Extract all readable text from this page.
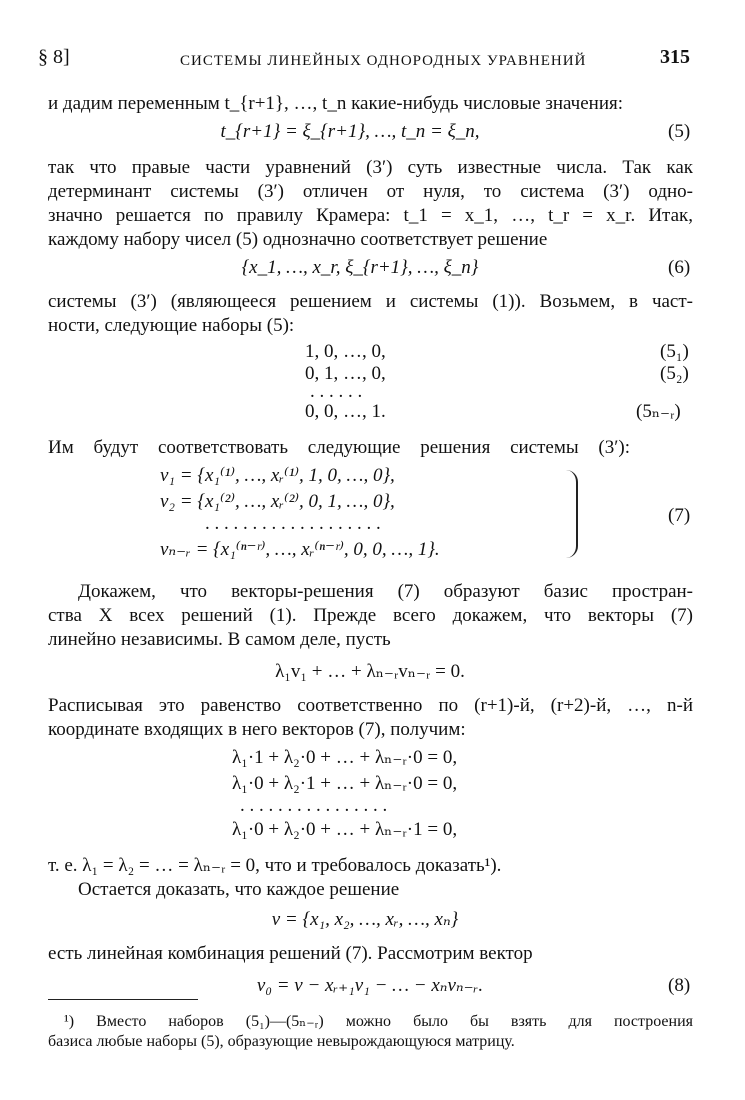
§ 8]	СИСТЕМЫ ЛИНЕЙНЫХ ОДНОРОДНЫХ УРАВНЕНИЙ	315
и дадим переменным t_{r+1}, …, t_n какие-нибудь числовые значения:
t_{r+1} = ξ_{r+1}, …, t_n = ξ_n,	(5)
так что правые части уравнений (3′) суть известные числа. Так как
детерминант системы (3′) отличен от нуля, то система (3′) одно-
значно решается по правилу Крамера: t_1 = x_1, …, t_r = x_r. Итак,
каждому набору чисел (5) однозначно соответствует решение
{x_1, …, x_r, ξ_{r+1}, …, ξ_n}	(6)
системы (3′) (являющееся решением и системы (1)). Возьмем, в част-
ности, следующие наборы (5):
1, 0, …, 0,	(5₁)
0, 1, …, 0,	(5₂)
. . . . . .
0, 0, …, 1.	(5ₙ₋ᵣ)
Им будут соответствовать следующие решения системы (3′):
v₁ = {x₁⁽¹⁾, …, xᵣ⁽¹⁾, 1, 0, …, 0},
v₂ = {x₁⁽²⁾, …, xᵣ⁽²⁾, 0, 1, …, 0},
. . . . . . . . . . . . . . . . . . .
vₙ₋ᵣ = {x₁⁽ⁿ⁻ʳ⁾, …, xᵣ⁽ⁿ⁻ʳ⁾, 0, 0, …, 1}.
(7)
Докажем, что векторы-решения (7) образуют базис простран-
ства X всех решений (1). Прежде всего докажем, что векторы (7)
линейно независимы. В самом деле, пусть
λ₁v₁ + … + λₙ₋ᵣvₙ₋ᵣ = 0.
Расписывая это равенство соответственно по (r+1)-й, (r+2)-й, …, n-й
координате входящих в него векторов (7), получим:
λ₁·1 + λ₂·0 + … + λₙ₋ᵣ·0 = 0,
λ₁·0 + λ₂·1 + … + λₙ₋ᵣ·0 = 0,
. . . . . . . . . . . . . . . .
λ₁·0 + λ₂·0 + … + λₙ₋ᵣ·1 = 0,
т. е. λ₁ = λ₂ = … = λₙ₋ᵣ = 0, что и требовалось доказать¹).
Остается доказать, что каждое решение
v = {x₁, x₂, …, xᵣ, …, xₙ}
есть линейная комбинация решений (7). Рассмотрим вектор
v₀ = v − xᵣ₊₁v₁ − … − xₙvₙ₋ᵣ.	(8)
¹) Вместо наборов (5₁)—(5ₙ₋ᵣ) можно было бы взять для построения
базиса любые наборы (5), образующие невырождающуюся матрицу.
